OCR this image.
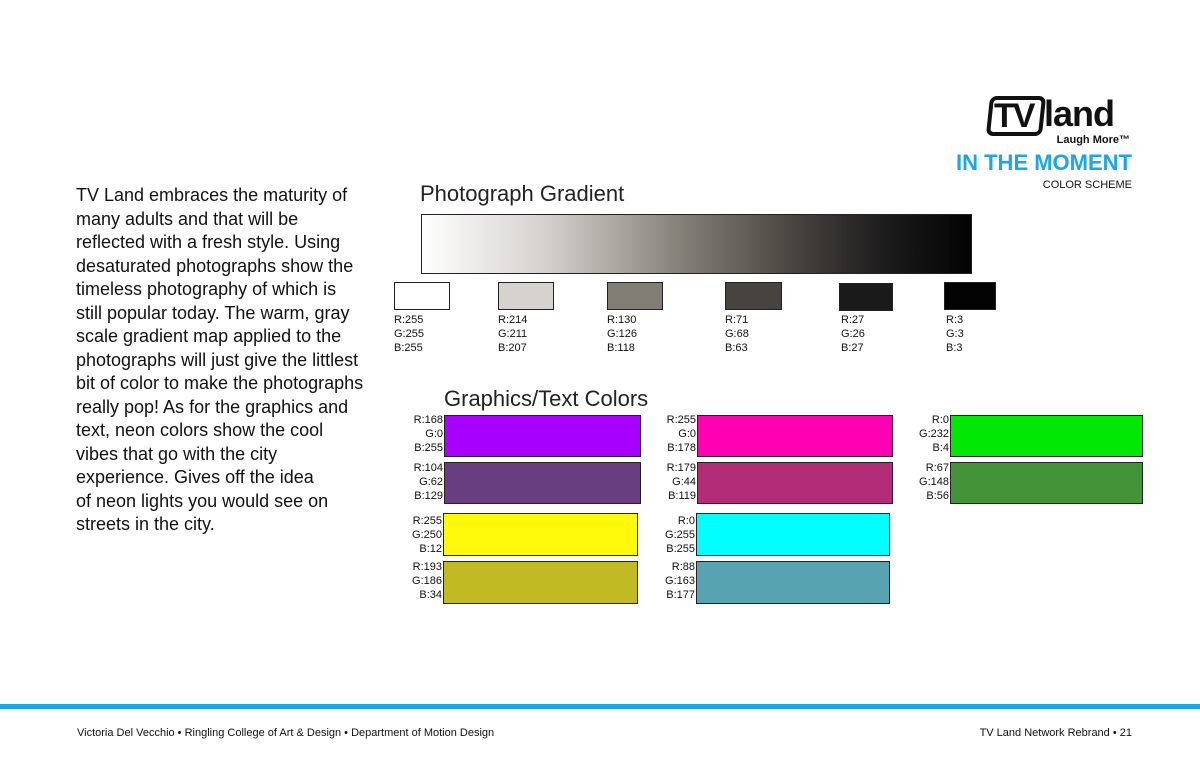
TV land
Laugh More™
IN THE MOMENT
COLOR SCHEME
TV Land embraces the maturity of
many adults and that will be
reflected with a fresh style. Using
desaturated photographs show the
timeless photography of which is
still popular today. The warm, gray
scale gradient map applied to the
photographs will just give the littlest
bit of color to make the photographs
really pop! As for the graphics and
text, neon colors show the cool
vibes that go with the city
experience. Gives off the idea
of neon lights you would see on
streets in the city.
Photograph Gradient
R:255
G:255
B:255
R:214
G:211
B:207
R:130
G:126
B:118
R:71
G:68
B:63
R:27
G:26
B:27
R:3
G:3
B:3
Graphics/Text Colors
R:168
G:0
B:255
R:104
G:62
B:129
R:255
G:250
B:12
R:193
G:186
B:34
R:255
G:0
B:178
R:179
G:44
B:119
R:0
G:255
B:255
R:88
G:163
B:177
R:0
G:232
B:4
R:67
G:148
B:56
Victoria Del Vecchio • Ringling College of Art & Design • Department of Motion Design	TV Land Network Rebrand • 21
